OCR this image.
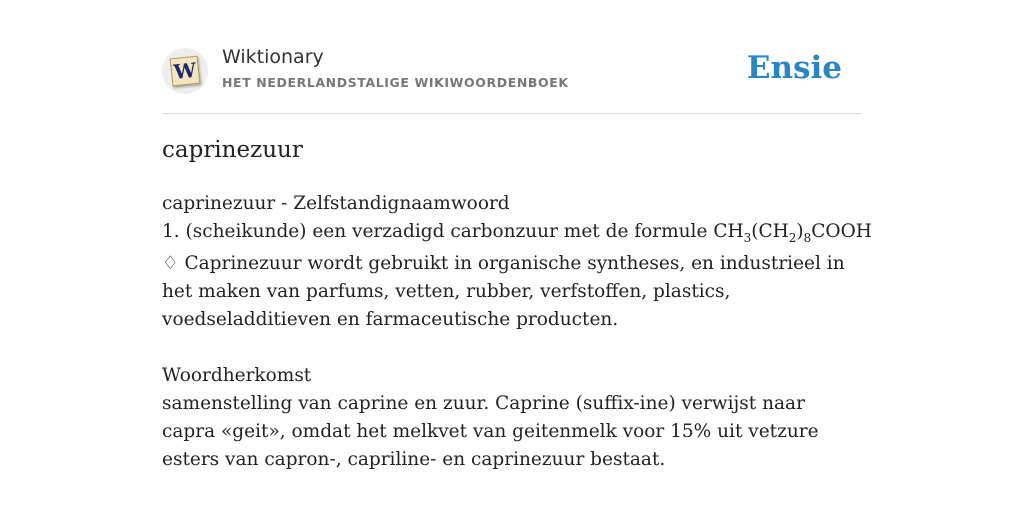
W
Wiktionary
HET NEDERLANDSTALIGE WIKIWOORDENBOEK	Ensie
caprinezuur

caprinezuur - Zelfstandignaamwoord

1. (scheikunde) een verzadigd carbonzuur met de formule $CH_3(CH_2)_8COOH$

♢ Caprinezuur wordt gebruikt in organische syntheses, en industrieel in het maken van parfums, vetten, rubber, verfstoffen, plastics, voedseladditieven en farmaceutische producten.

Woordherkomst

samenstelling van caprine en zuur. Caprine (suffix-ine) verwijst naar capra «geit», omdat het melkvet van geitenmelk voor 15% uit vetzure esters van capron-, capriline- en caprinezuur bestaat.
